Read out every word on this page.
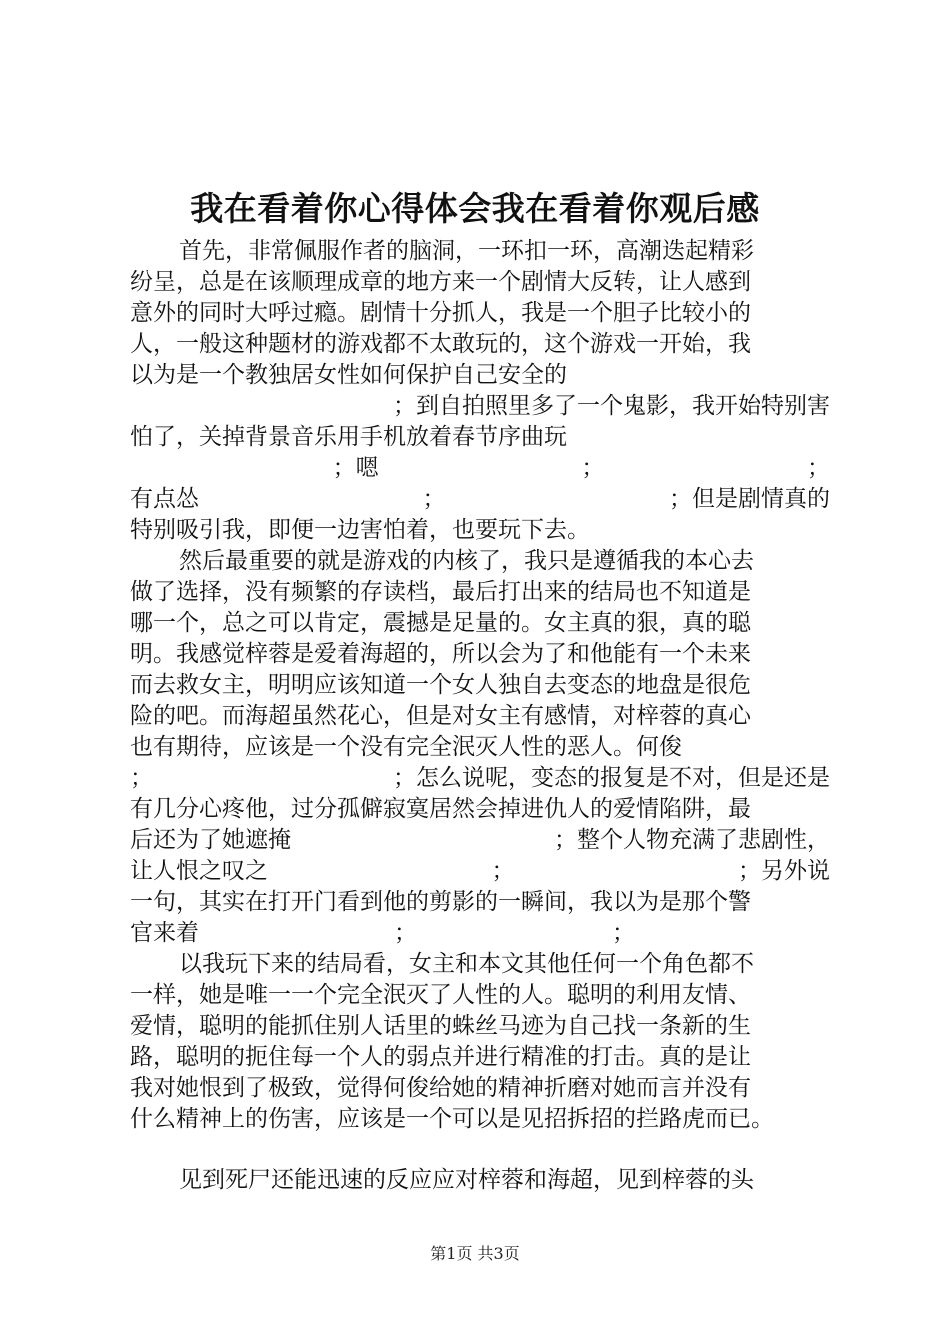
我在看着你心得体会我在看着你观后感
首先，非常佩服作者的脑洞，一环扣一环，高潮迭起精彩
纷呈，总是在该顺理成章的地方来一个剧情大反转，让人感到
意外的同时大呼过瘾。剧情十分抓人，我是一个胆子比较小的
人，一般这种题材的游戏都不太敢玩的，这个游戏一开始，我
以为是一个教独居女性如何保护自己安全的
；到自拍照里多了一个鬼影，我开始特别害
怕了，关掉背景音乐用手机放着春节序曲玩
；嗯	；	；
有点怂	；	；但是剧情真的
特别吸引我，即便一边害怕着，也要玩下去。
然后最重要的就是游戏的内核了，我只是遵循我的本心去
做了选择，没有频繁的存读档，最后打出来的结局也不知道是
哪一个，总之可以肯定，震撼是足量的。女主真的狠，真的聪
明。我感觉梓蓉是爱着海超的，所以会为了和他能有一个未来
而去救女主，明明应该知道一个女人独自去变态的地盘是很危
险的吧。而海超虽然花心，但是对女主有感情，对梓蓉的真心
也有期待，应该是一个没有完全泯灭人性的恶人。何俊
；	；怎么说呢，变态的报复是不对，但是还是
有几分心疼他，过分孤僻寂寞居然会掉进仇人的爱情陷阱，最
后还为了她遮掩	；整个人物充满了悲剧性，
让人恨之叹之	；	；另外说
一句，其实在打开门看到他的剪影的一瞬间，我以为是那个警
官来着	；	；
以我玩下来的结局看，女主和本文其他任何一个角色都不
一样，她是唯一一个完全泯灭了人性的人。聪明的利用友情、
爱情，聪明的能抓住别人话里的蛛丝马迹为自己找一条新的生
路，聪明的扼住每一个人的弱点并进行精准的打击。真的是让
我对她恨到了极致，觉得何俊给她的精神折磨对她而言并没有
什么精神上的伤害，应该是一个可以是见招拆招的拦路虎而已。
见到死尸还能迅速的反应应对梓蓉和海超，见到梓蓉的头
第1页 共3页
